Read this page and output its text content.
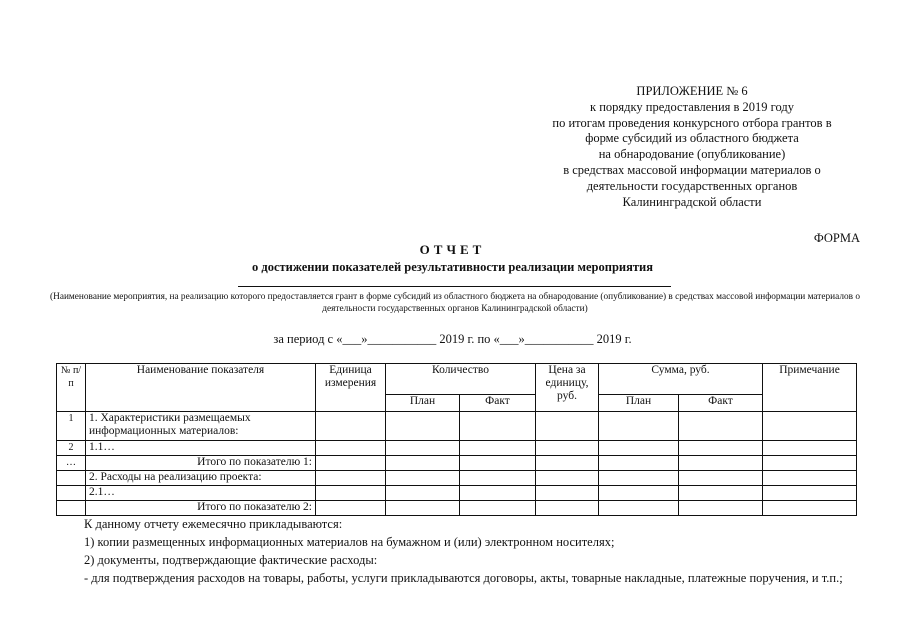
ПРИЛОЖЕНИЕ № 6
к порядку предоставления в 2019 году
по итогам проведения конкурсного отбора грантов в
форме субсидий из областного бюджета
на обнародование (опубликование)
в средствах массовой информации материалов о
деятельности государственных органов
Калининградской области
ФОРМА
ОТЧЕТ
о достижении показателей результативности реализации мероприятия
(Наименование мероприятия, на реализацию которого предоставляется грант в форме субсидий из областного бюджета на обнародование (опубликование) в средствах массовой информации материалов о деятельности государственных органов Калининградской области)
за период с «___»___________ 2019 г. по «___»___________ 2019 г.
№ п/п	Наименование показателя	Единица измерения	Количество		Цена за единицу, руб.	Сумма, руб.		Примечание
			План	Факт		План	Факт	
1	1. Характеристики размещаемых информационных материалов:							
2	1.1…							
…	Итого по показателю 1:							
	2. Расходы на реализацию проекта:							
	2.1…							
	Итого по показателю 2:							

К данному отчету ежемесячно прикладываются:

1) копии размещенных информационных материалов на бумажном и (или) электронном носителях;

2) документы, подтверждающие фактические расходы:

- для подтверждения расходов на товары, работы, услуги прикладываются договоры, акты, товарные накладные, платежные поручения, и т.п.;
